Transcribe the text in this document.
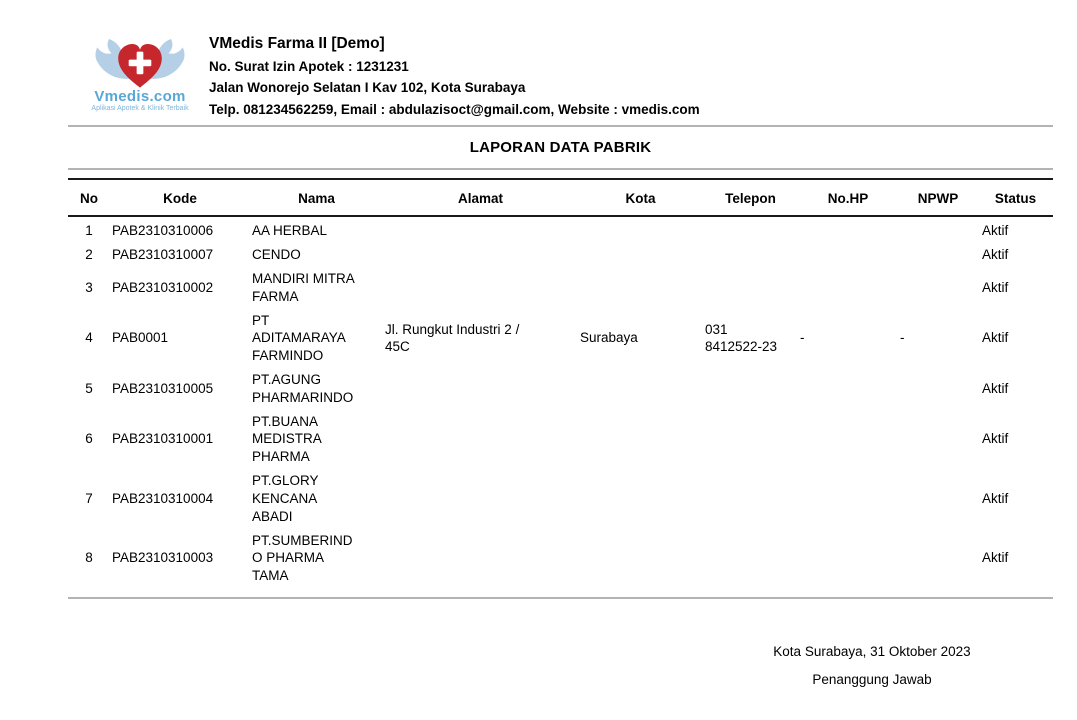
Vmedis.com
Aplikasi Apotek & Klinik Terbaik
VMedis Farma II [Demo]
No. Surat Izin Apotek : 1231231
Jalan Wonorejo Selatan I Kav 102, Kota Surabaya
Telp. 081234562259, Email : abdulazisoct@gmail.com, Website : vmedis.com
LAPORAN DATA PABRIK
No	Kode	Nama	Alamat	Kota	Telepon	No.HP	NPWP	Status
1	PAB2310310006	AA HERBAL						Aktif
2	PAB2310310007	CENDO						Aktif
3	PAB2310310002	MANDIRI MITRA FARMA						Aktif
4	PAB0001	PT ADITAMARAYA FARMINDO	Jl. Rungkut Industri 2 / 45C	Surabaya	031 8412522-23	-	-	Aktif
5	PAB2310310005	PT.AGUNG PHARMARINDO						Aktif
6	PAB2310310001	PT.BUANA MEDISTRA PHARMA						Aktif
7	PAB2310310004	PT.GLORY KENCANA ABADI						Aktif
8	PAB2310310003	PT.SUMBERINDO PHARMA TAMA						Aktif
Kota Surabaya, 31 Oktober 2023
Penanggung Jawab
